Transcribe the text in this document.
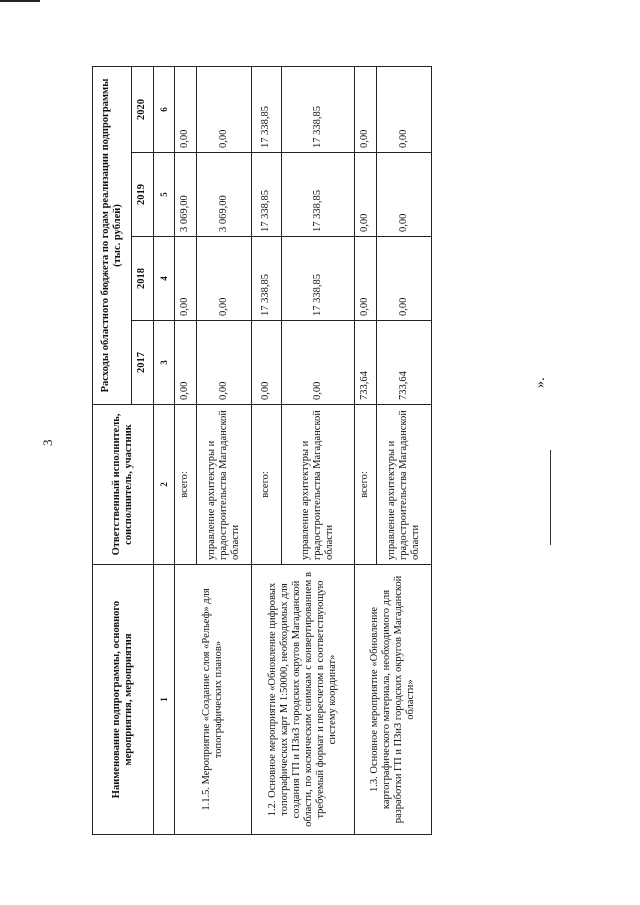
3
».
Наименование подпрограммы, основного мероприятия, мероприятия	Ответственный исполнитель, соисполнитель, участник	Расходы областного бюджета по годам реализации подпрограммы (тыс. рублей)			
		2017	2018	2019	2020
1	2	3	4	5	6
1.1.5. Мероприятие «Создание слоя «Рельеф» для топографических планов»	всего:	0,00	0,00	3 069,00	0,00
	управление архитектуры и градостроительства Магаданской области	0,00	0,00	3 069,00	0,00
1.2. Основное мероприятие «Обновление цифровых топографических карт М 1:50000, необходимых для создания ГП и ПЗиЗ городских округов Магаданской области, по космическим снимкам с конвертированием в требуемый формат и пересчетом в соответствующую систему координат»	всего:	0,00	17 338,85	17 338,85	17 338,85
	управление архитектуры и градостроительства Магаданской области	0,00	17 338,85	17 338,85	17 338,85
1.3. Основное мероприятие «Обновление картографического материала, необходимого для разработки ГП и ПЗиЗ городских округов Магаданской области»	всего:	733,64	0,00	0,00	0,00
	управление архитектуры и градостроительства Магаданской области	733,64	0,00	0,00	0,00
